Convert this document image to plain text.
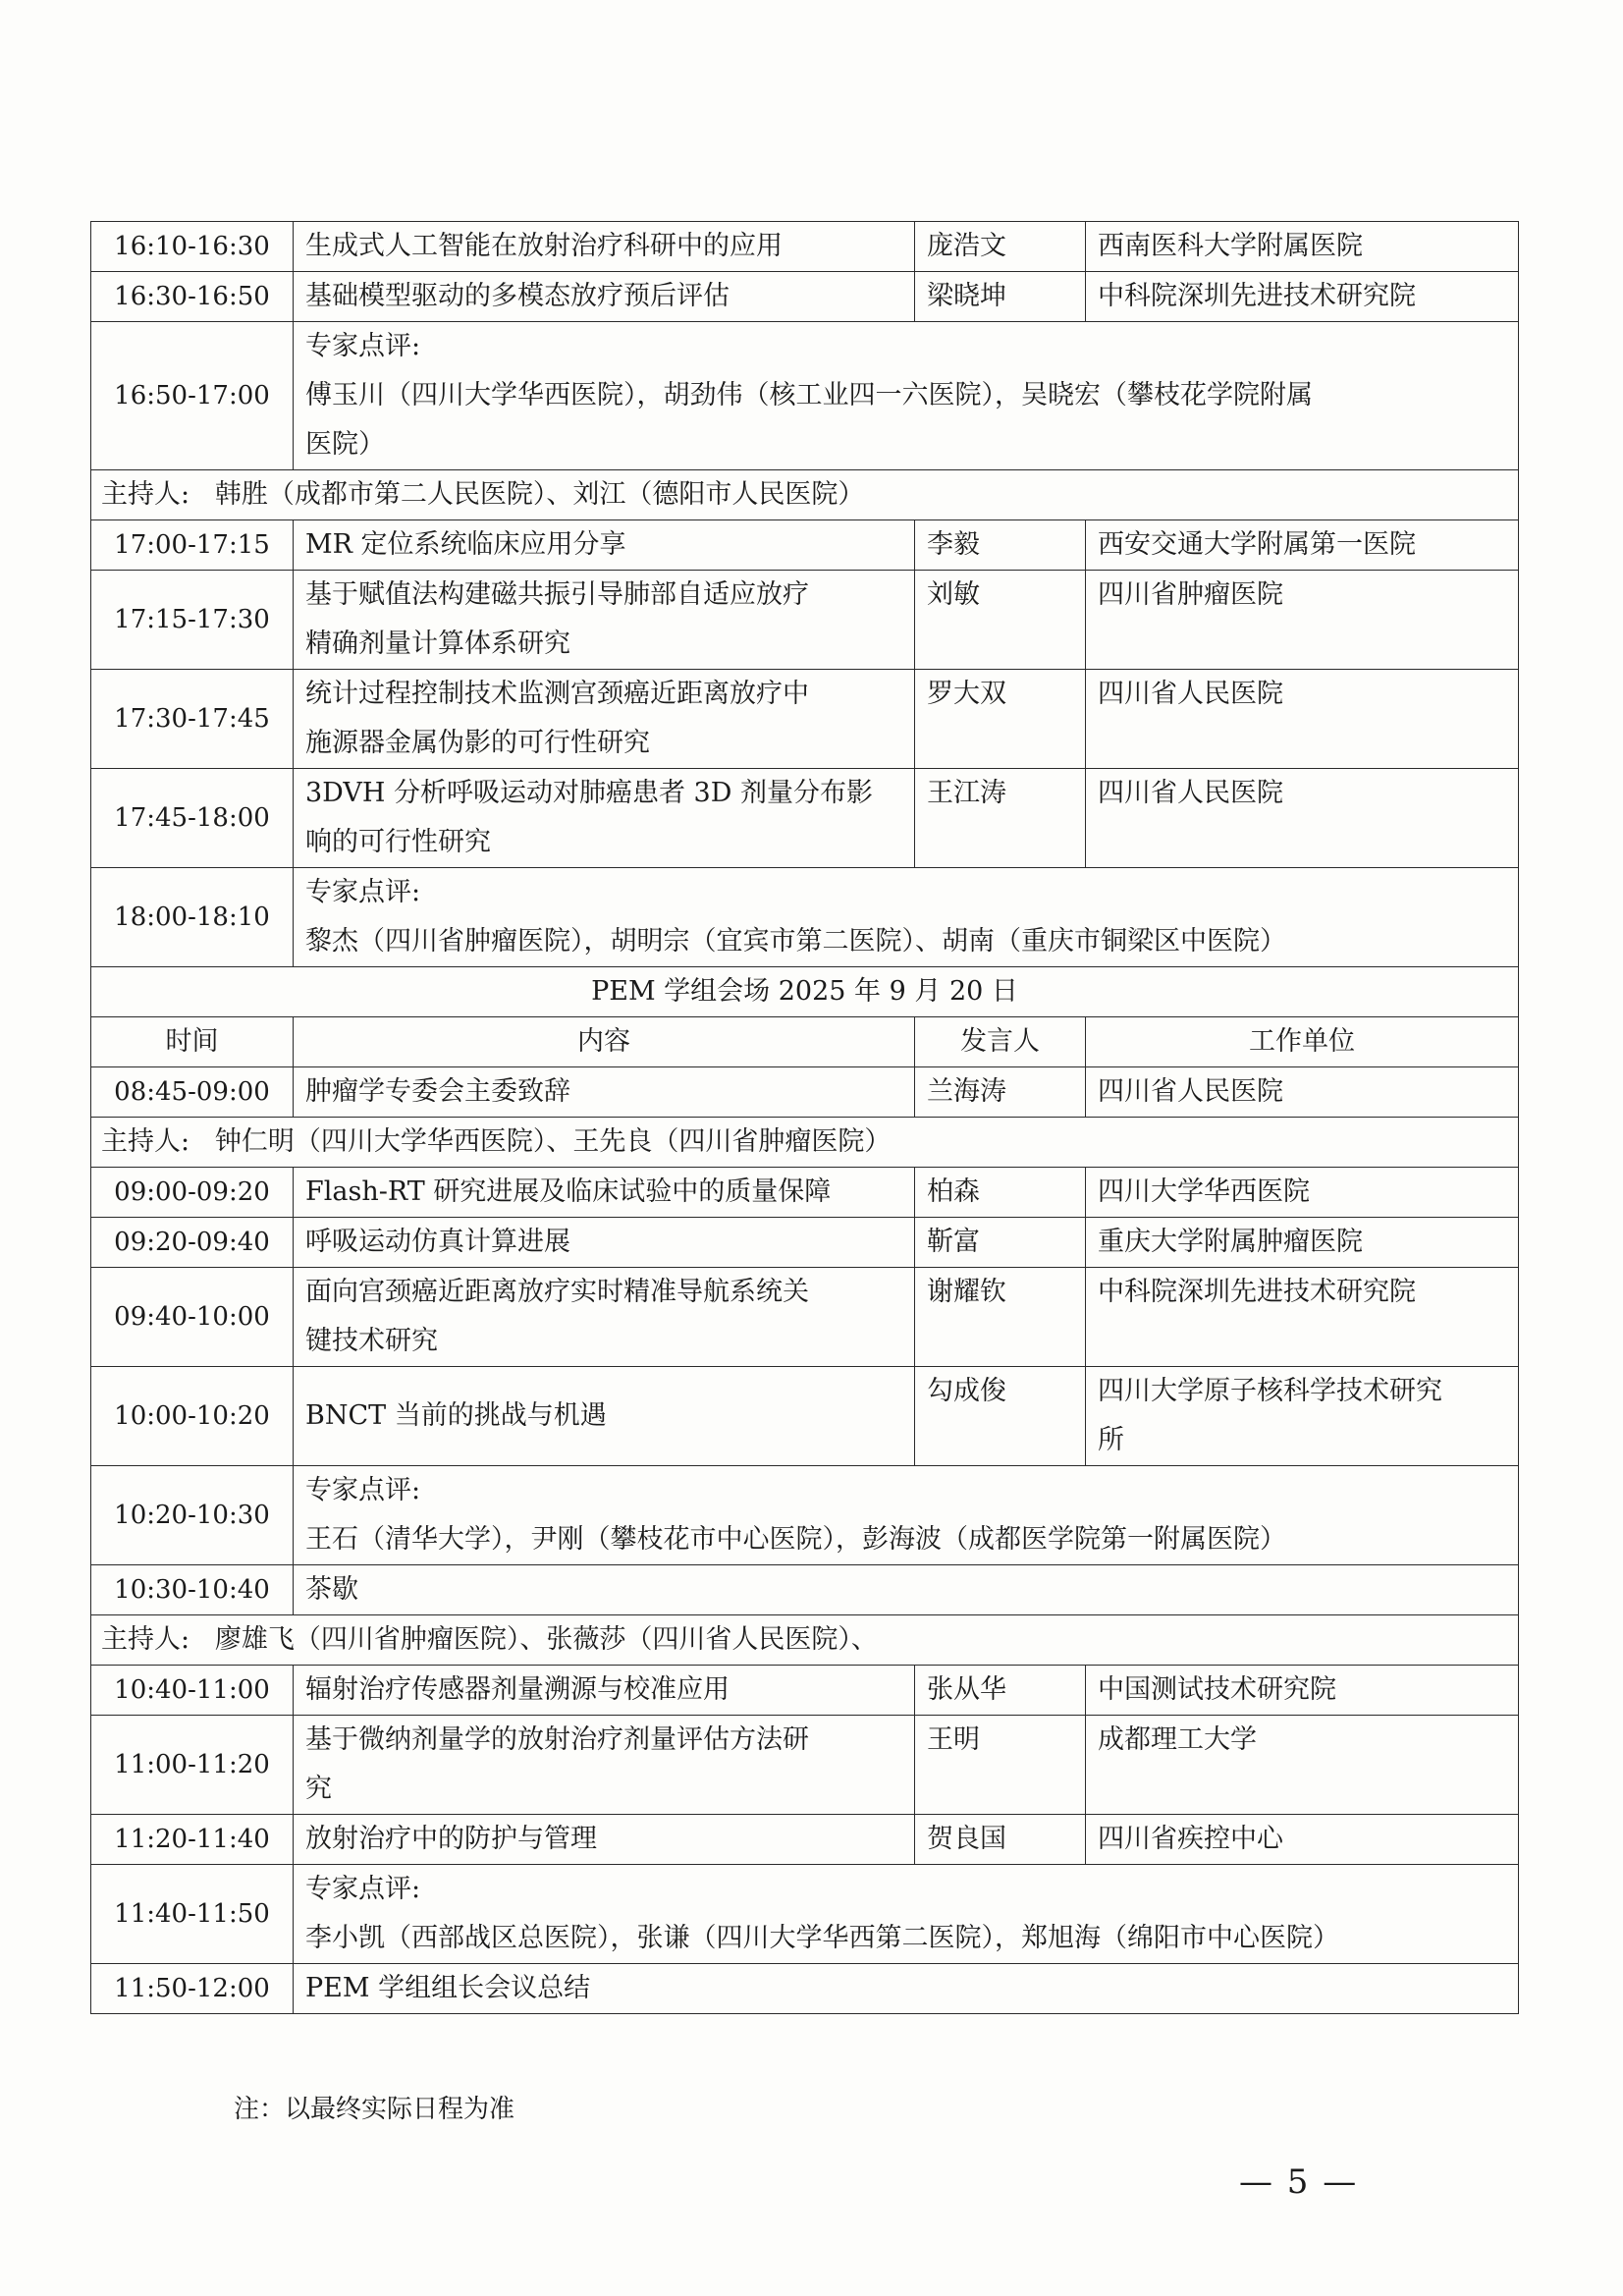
16:10-16:30	生成式人工智能在放射治疗科研中的应用	庞浩文	西南医科大学附属医院
16:30-16:50	基础模型驱动的多模态放疗预后评估	梁晓坤	中科院深圳先进技术研究院
16:50-17:00	专家点评:
傅玉川（四川大学华西医院），胡劲伟（核工业四一六医院），吴晓宏（攀枝花学院附属
医院）		
主持人:   韩胜（成都市第二人民医院）、刘江（德阳市人民医院）			
17:00-17:15	MR 定位系统临床应用分享	李毅	西安交通大学附属第一医院
17:15-17:30	基于赋值法构建磁共振引导肺部自适应放疗
精确剂量计算体系研究	刘敏	四川省肿瘤医院
17:30-17:45	统计过程控制技术监测宫颈癌近距离放疗中
施源器金属伪影的可行性研究	罗大双	四川省人民医院
17:45-18:00	3DVH 分析呼吸运动对肺癌患者 3D 剂量分布影
响的可行性研究	王江涛	四川省人民医院
18:00-18:10	专家点评:
黎杰（四川省肿瘤医院），胡明宗（宜宾市第二医院）、胡南（重庆市铜梁区中医院）		
PEM 学组会场 2025 年 9 月 20 日			
时间	内容	发言人	工作单位
08:45-09:00	肿瘤学专委会主委致辞	兰海涛	四川省人民医院
主持人:   钟仁明（四川大学华西医院）、王先良（四川省肿瘤医院）			
09:00-09:20	Flash-RT 研究进展及临床试验中的质量保障	柏森	四川大学华西医院
09:20-09:40	呼吸运动仿真计算进展	靳富	重庆大学附属肿瘤医院
09:40-10:00	面向宫颈癌近距离放疗实时精准导航系统关
键技术研究	谢耀钦	中科院深圳先进技术研究院
10:00-10:20	BNCT 当前的挑战与机遇	勾成俊	四川大学原子核科学技术研究
所
10:20-10:30	专家点评:
王石（清华大学），尹刚（攀枝花市中心医院），彭海波（成都医学院第一附属医院）		
10:30-10:40	茶歇		
主持人:   廖雄飞（四川省肿瘤医院）、张薇莎（四川省人民医院）、			
10:40-11:00	辐射治疗传感器剂量溯源与校准应用	张从华	中国测试技术研究院
11:00-11:20	基于微纳剂量学的放射治疗剂量评估方法研
究	王明	成都理工大学
11:20-11:40	放射治疗中的防护与管理	贺良国	四川省疾控中心
11:40-11:50	专家点评:
李小凯（西部战区总医院），张谦（四川大学华西第二医院），郑旭海（绵阳市中心医院）		
11:50-12:00	PEM 学组组长会议总结		
注：以最终实际日程为准
— 5 —
